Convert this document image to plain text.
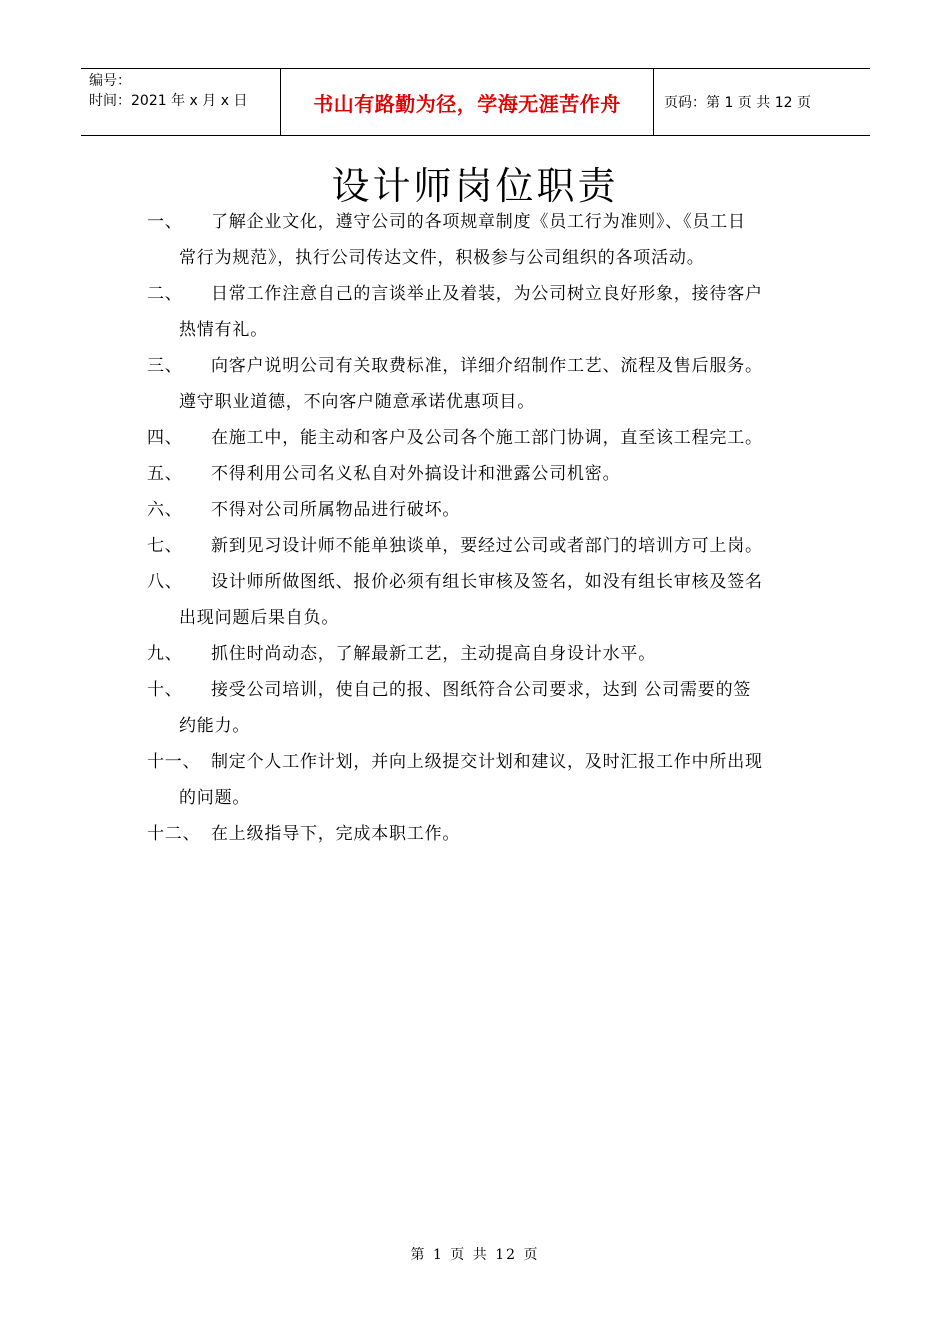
编号：
时间：2021 年 x 月 x 日	书山有路勤为径，学海无涯苦作舟	页码：第 1 页 共 12 页
设计师岗位职责
一、	了解企业文化，遵守公司的各项规章制度《员工行为准则》、《员工日
常行为规范》，执行公司传达文件，积极参与公司组织的各项活动。
二、	日常工作注意自己的言谈举止及着装，为公司树立良好形象，接待客户
热情有礼。
三、	向客户说明公司有关取费标准，详细介绍制作工艺、流程及售后服务。
遵守职业道德，不向客户随意承诺优惠项目。
四、	在施工中，能主动和客户及公司各个施工部门协调，直至该工程完工。
五、	不得利用公司名义私自对外搞设计和泄露公司机密。
六、	不得对公司所属物品进行破坏。
七、	新到见习设计师不能单独谈单，要经过公司或者部门的培训方可上岗。
八、	设计师所做图纸、报价必须有组长审核及签名，如没有组长审核及签名
出现问题后果自负。
九、	抓住时尚动态，了解最新工艺，主动提高自身设计水平。
十、	接受公司培训，使自己的报、图纸符合公司要求，达到 公司需要的签
约能力。
十一、 制定个人工作计划，并向上级提交计划和建议，及时汇报工作中所出现
的问题。
十二、 在上级指导下，完成本职工作。
第 1 页 共 12 页
